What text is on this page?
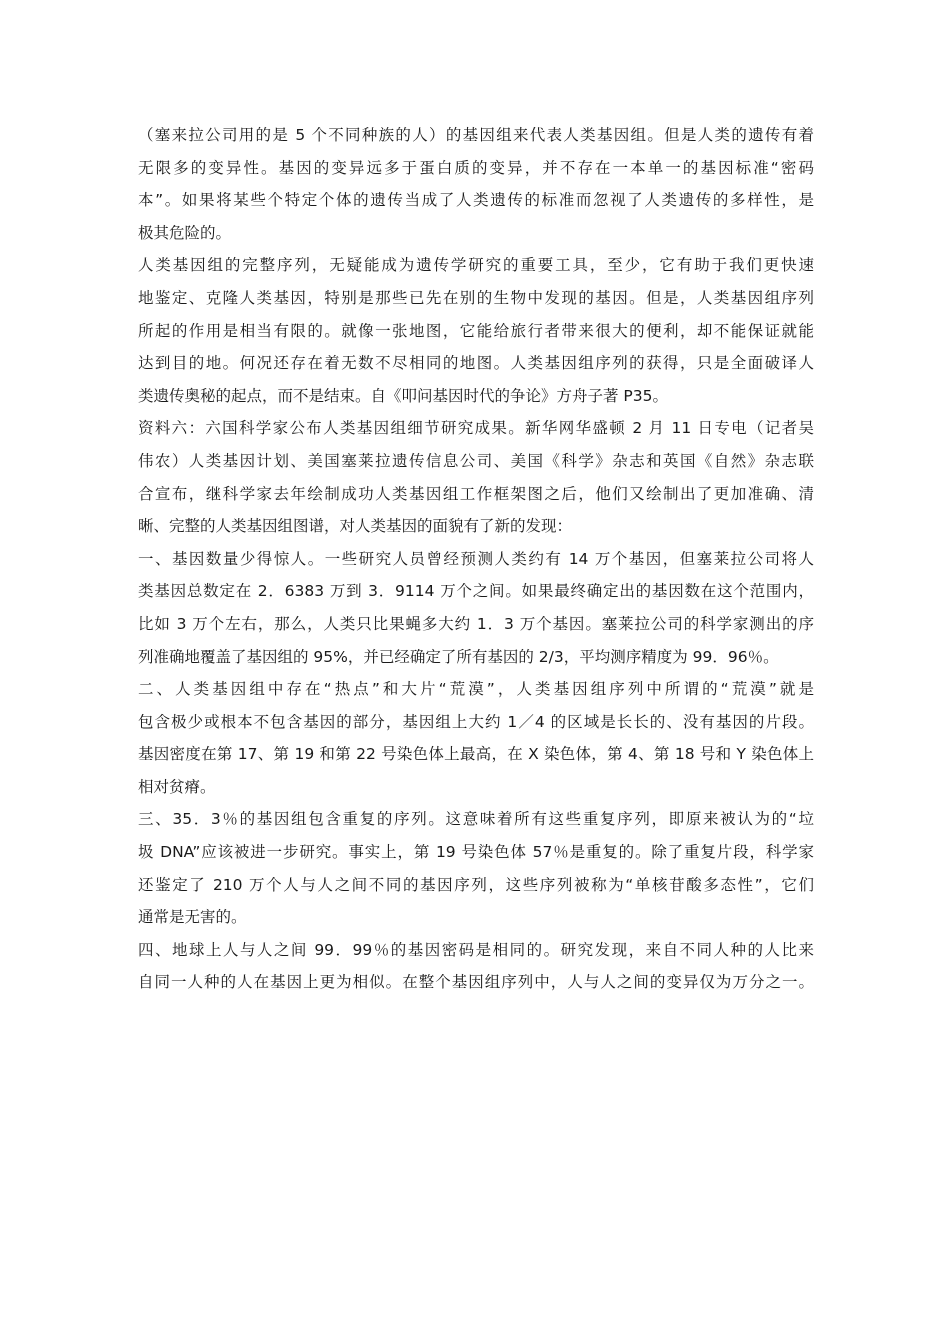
（塞来拉公司用的是 5 个不同种族的人）的基因组来代表人类基因组。但是人类的遗传有着
无限多的变异性。基因的变异远多于蛋白质的变异，并不存在一本单一的基因标准“密码
本”。如果将某些个特定个体的遗传当成了人类遗传的标准而忽视了人类遗传的多样性，是
极其危险的。
人类基因组的完整序列，无疑能成为遗传学研究的重要工具，至少，它有助于我们更快速
地鉴定、克隆人类基因，特别是那些已先在别的生物中发现的基因。但是，人类基因组序列
所起的作用是相当有限的。就像一张地图，它能给旅行者带来很大的便利，却不能保证就能
达到目的地。何况还存在着无数不尽相同的地图。人类基因组序列的获得，只是全面破译人
类遗传奥秘的起点，而不是结束。自《叩问基因时代的争论》方舟子著 P35。
资料六：六国科学家公布人类基因组细节研究成果。新华网华盛顿 2 月 11 日专电（记者吴
伟农）人类基因计划、美国塞莱拉遗传信息公司、美国《科学》杂志和英国《自然》杂志联
合宣布，继科学家去年绘制成功人类基因组工作框架图之后，他们又绘制出了更加准确、清
晰、完整的人类基因组图谱，对人类基因的面貌有了新的发现：
一、基因数量少得惊人。一些研究人员曾经预测人类约有 14 万个基因，但塞莱拉公司将人
类基因总数定在 2．6383 万到 3．9114 万个之间。如果最终确定出的基因数在这个范围内，
比如 3 万个左右，那么，人类只比果蝇多大约 1．3 万个基因。塞莱拉公司的科学家测出的序
列准确地覆盖了基因组的 95%，并已经确定了所有基因的 2/3，平均测序精度为 99．96％。
二、人类基因组中存在“热点”和大片“荒漠”，人类基因组序列中所谓的“荒漠”就是
包含极少或根本不包含基因的部分，基因组上大约 1／4 的区域是长长的、没有基因的片段。
基因密度在第 17、第 19 和第 22 号染色体上最高，在 X 染色体，第 4、第 18 号和 Y 染色体上
相对贫瘠。
三、35．3％的基因组包含重复的序列。这意味着所有这些重复序列，即原来被认为的“垃
圾 DNA”应该被进一步研究。事实上，第 19 号染色体 57％是重复的。除了重复片段，科学家
还鉴定了 210 万个人与人之间不同的基因序列，这些序列被称为“单核苷酸多态性”，它们
通常是无害的。
四、地球上人与人之间 99．99％的基因密码是相同的。研究发现，来自不同人种的人比来
自同一人种的人在基因上更为相似。在整个基因组序列中，人与人之间的变异仅为万分之一。
